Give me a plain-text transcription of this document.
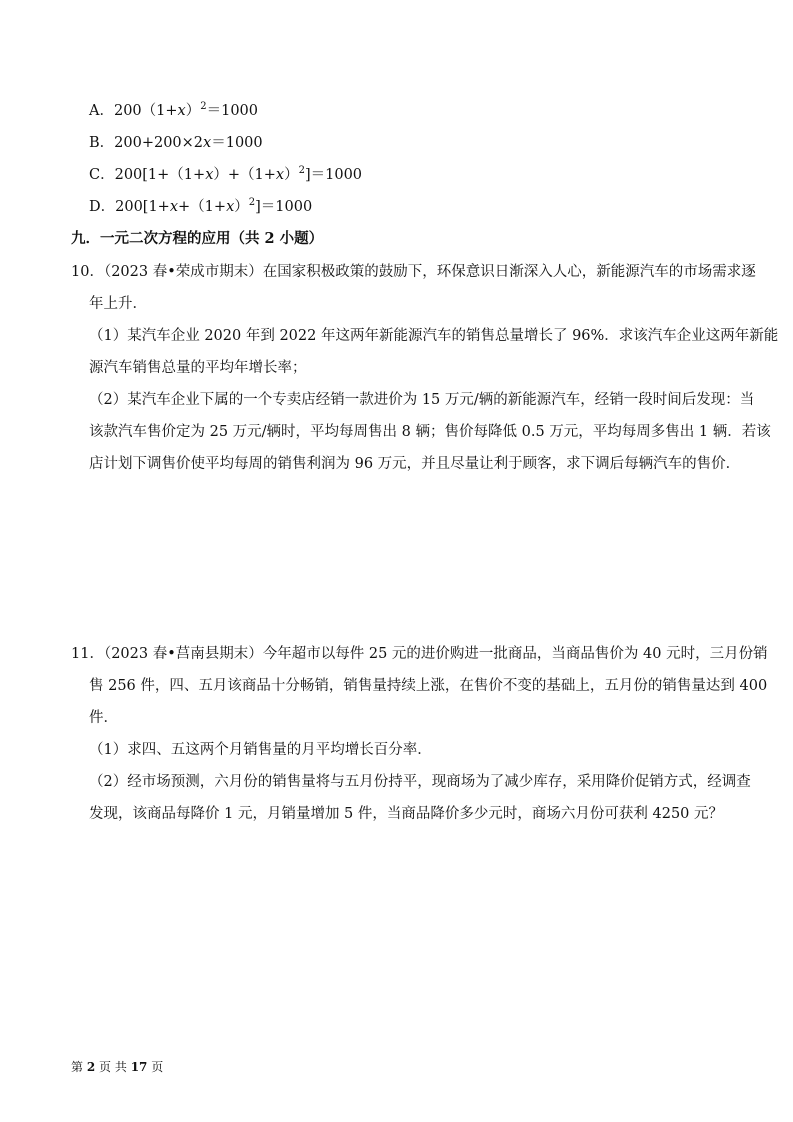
A．$200(1+x)^2=1000$
B．200+200×2x＝1000
C．$200[1+(1+x)+(1+x)^2]=1000$
D．$200[1+x+(1+x)^2]=1000$
九．一元二次方程的应用（共 2 小题）
10．（2023 春•荣成市期末）在国家积极政策的鼓励下，环保意识日渐深入人心，新能源汽车的市场需求逐
年上升．
（1）某汽车企业 2020 年到 2022 年这两年新能源汽车的销售总量增长了 96%．求该汽车企业这两年新能
源汽车销售总量的平均年增长率；
（2）某汽车企业下属的一个专卖店经销一款进价为 15 万元/辆的新能源汽车，经销一段时间后发现：当
该款汽车售价定为 25 万元/辆时，平均每周售出 8 辆；售价每降低 0.5 万元，平均每周多售出 1 辆．若该
店计划下调售价使平均每周的销售利润为 96 万元，并且尽量让利于顾客，求下调后每辆汽车的售价．
11．（2023 春•莒南县期末）今年超市以每件 25 元的进价购进一批商品，当商品售价为 40 元时，三月份销
售 256 件，四、五月该商品十分畅销，销售量持续上涨，在售价不变的基础上，五月份的销售量达到 400
件．
（1）求四、五这两个月销售量的月平均增长百分率．
（2）经市场预测，六月份的销售量将与五月份持平，现商场为了减少库存，采用降价促销方式，经调查
发现，该商品每降价 1 元，月销量增加 5 件，当商品降价多少元时，商场六月份可获利 4250 元？
第 2 页 共 17 页
